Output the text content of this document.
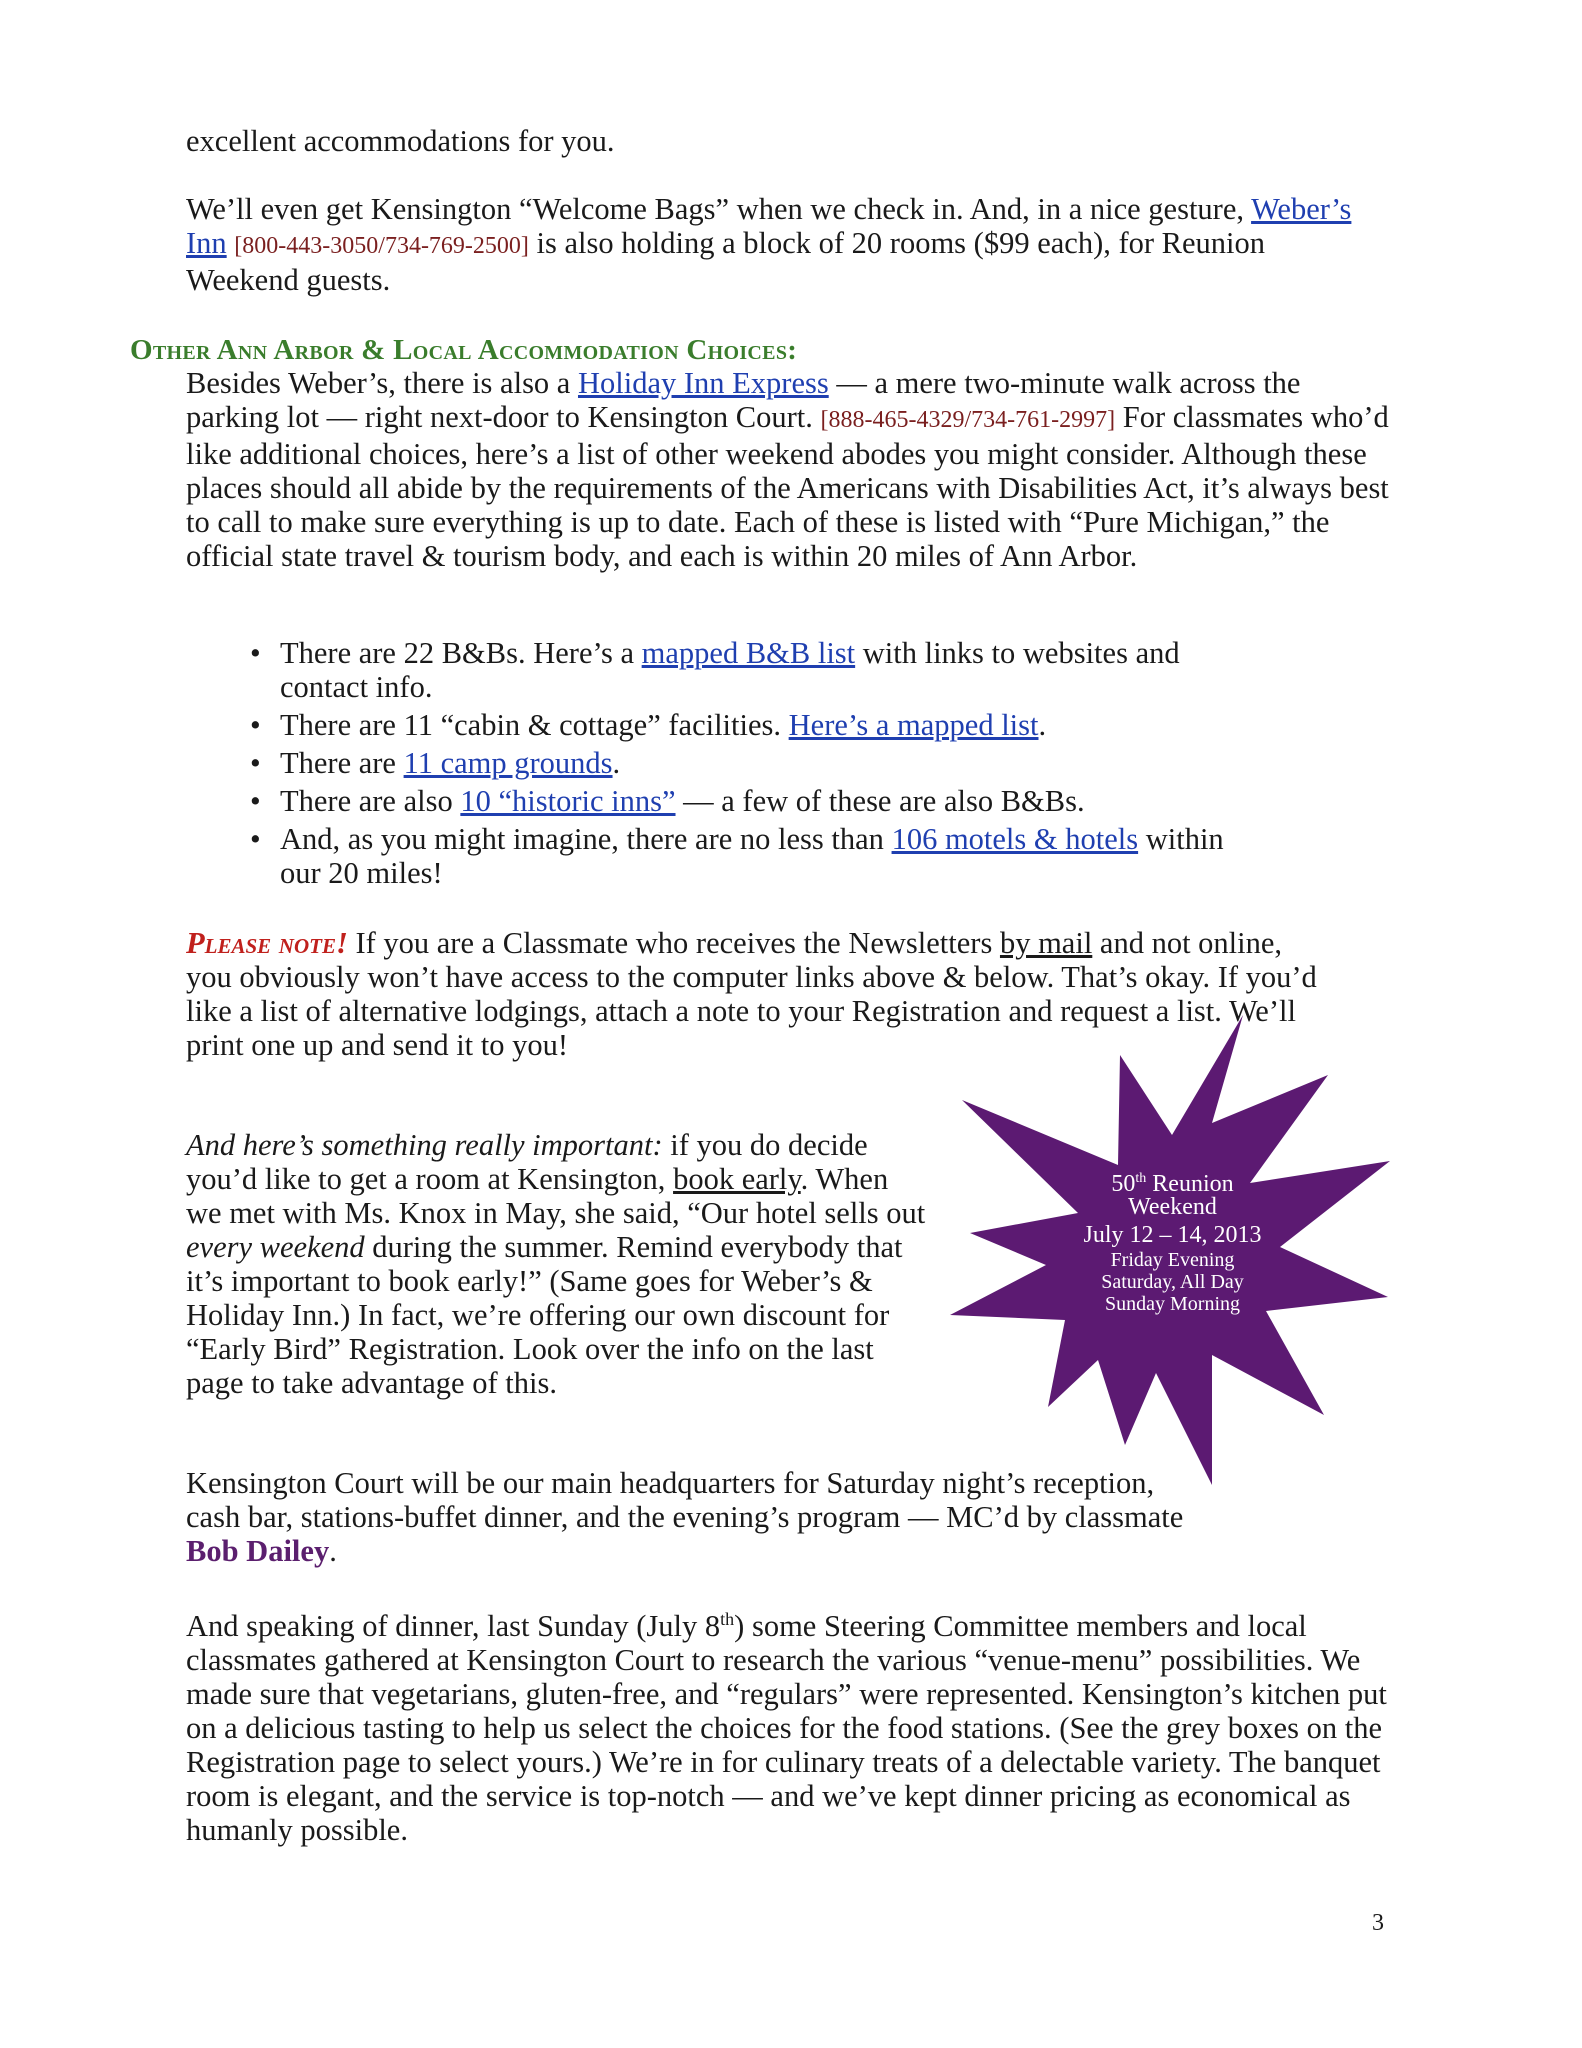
excellent accommodations for you.

We’ll even get Kensington “Welcome Bags” when we check in. And, in a nice gesture, Weber’s Inn [800-443-3050/734-769-2500] is also holding a block of 20 rooms ($99 each), for Reunion Weekend guests.

Other Ann Arbor & Local Accommodation Choices:

Besides Weber’s, there is also a Holiday Inn Express — a mere two-minute walk across the parking lot — right next-door to Kensington Court. [888-465-4329/734-761-2997] For classmates who’d like additional choices, here’s a list of other weekend abodes you might consider. Although these places should all abide by the requirements of the Americans with Disabilities Act, it’s always best to call to make sure everything is up to date. Each of these is listed with “Pure Michigan,” the official state travel & tourism body, and each is within 20 miles of Ann Arbor.

• There are 22 B&Bs. Here’s a mapped B&B list with links to websites and contact info.
• There are 11 “cabin & cottage” facilities. Here’s a mapped list.
• There are 11 camp grounds.
• There are also 10 “historic inns” — a few of these are also B&Bs.
• And, as you might imagine, there are no less than 106 motels & hotels within our 20 miles!

Please note! If you are a Classmate who receives the Newsletters by mail and not online, you obviously won’t have access to the computer links above & below. That’s okay. If you’d like a list of alternative lodgings, attach a note to your Registration and request a list. We’ll print one up and send it to you!

And here’s something really important: if you do decide you’d like to get a room at Kensington, book early. When we met with Ms. Knox in May, she said, “Our hotel sells out every weekend during the summer. Remind everybody that it’s important to book early!” (Same goes for Weber’s & Holiday Inn.) In fact, we’re offering our own discount for “Early Bird” Registration. Look over the info on the last page to take advantage of this.

Kensington Court will be our main headquarters for Saturday night’s reception, cash bar, stations-buffet dinner, and the evening’s program — MC’d by classmate Bob Dailey.

And speaking of dinner, last Sunday (July 8th) some Steering Committee members and local classmates gathered at Kensington Court to research the various “venue-menu” possibilities. We made sure that vegetarians, gluten-free, and “regulars” were represented. Kensington’s kitchen put on a delicious tasting to help us select the choices for the food stations. (See the grey boxes on the Registration page to select yours.) We’re in for culinary treats of a delectable variety. The banquet room is elegant, and the service is top-notch — and we’ve kept dinner pricing as economical as humanly possible.

50th Reunion
Weekend
July 12 – 14, 2013
Friday Evening
Saturday, All Day
Sunday Morning
3
